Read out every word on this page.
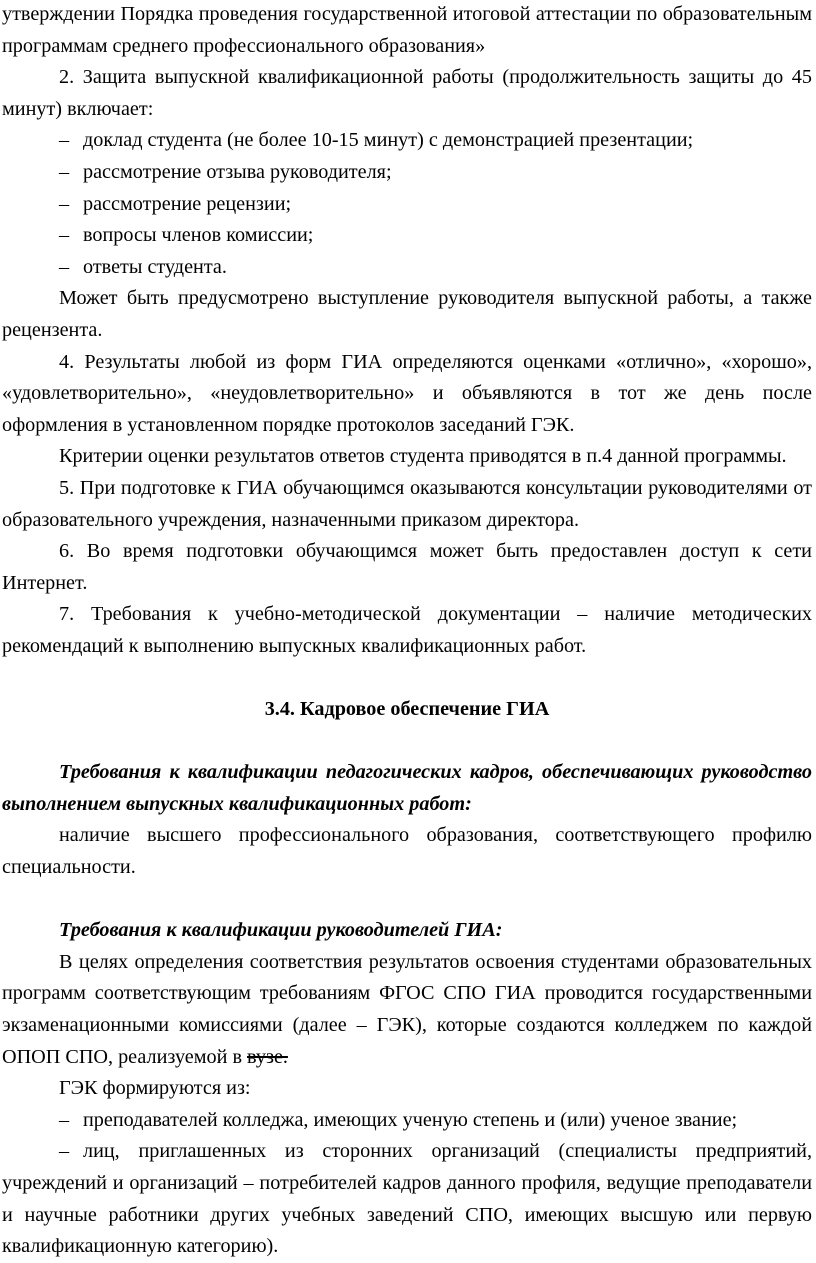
утверждении Порядка проведения государственной итоговой аттестации по образовательным программам среднего профессионального образования»

2. Защита выпускной квалификационной работы (продолжительность защиты до 45 минут) включает:

– доклад студента (не более 10-15 минут) с демонстрацией презентации;

– рассмотрение отзыва руководителя;

– рассмотрение рецензии;

– вопросы членов комиссии;

– ответы студента.

Может быть предусмотрено выступление руководителя выпускной работы, а также рецензента.

4. Результаты любой из форм ГИА определяются оценками «отлично», «хорошо», «удовлетворительно», «неудовлетворительно» и объявляются в тот же день после оформления в установленном порядке протоколов заседаний ГЭК.

Критерии оценки результатов ответов студента приводятся в п.4 данной программы.

5. При подготовке к ГИА обучающимся оказываются консультации руководителями от образовательного учреждения, назначенными приказом директора.

6. Во время подготовки обучающимся может быть предоставлен доступ к сети Интернет.

7. Требования к учебно-методической документации – наличие методических рекомендаций к выполнению выпускных квалификационных работ.

3.4. Кадровое обеспечение ГИА

Требования к квалификации педагогических кадров, обеспечивающих руководство выполнением выпускных квалификационных работ:

наличие высшего профессионального образования, соответствующего профилю специальности.

Требования к квалификации руководителей ГИА:

В целях определения соответствия результатов освоения студентами образовательных программ соответствующим требованиям ФГОС СПО ГИА проводится государственными экзаменационными комиссиями (далее – ГЭК), которые создаются колледжем по каждой ОПОП СПО, реализуемой в вузе.

ГЭК формируются из:

– преподавателей колледжа, имеющих ученую степень и (или) ученое звание;

– лиц, приглашенных из сторонних организаций (специалисты предприятий, учреждений и организаций – потребителей кадров данного профиля, ведущие преподаватели и научные работники других учебных заведений СПО, имеющих высшую или первую квалификационную категорию).
